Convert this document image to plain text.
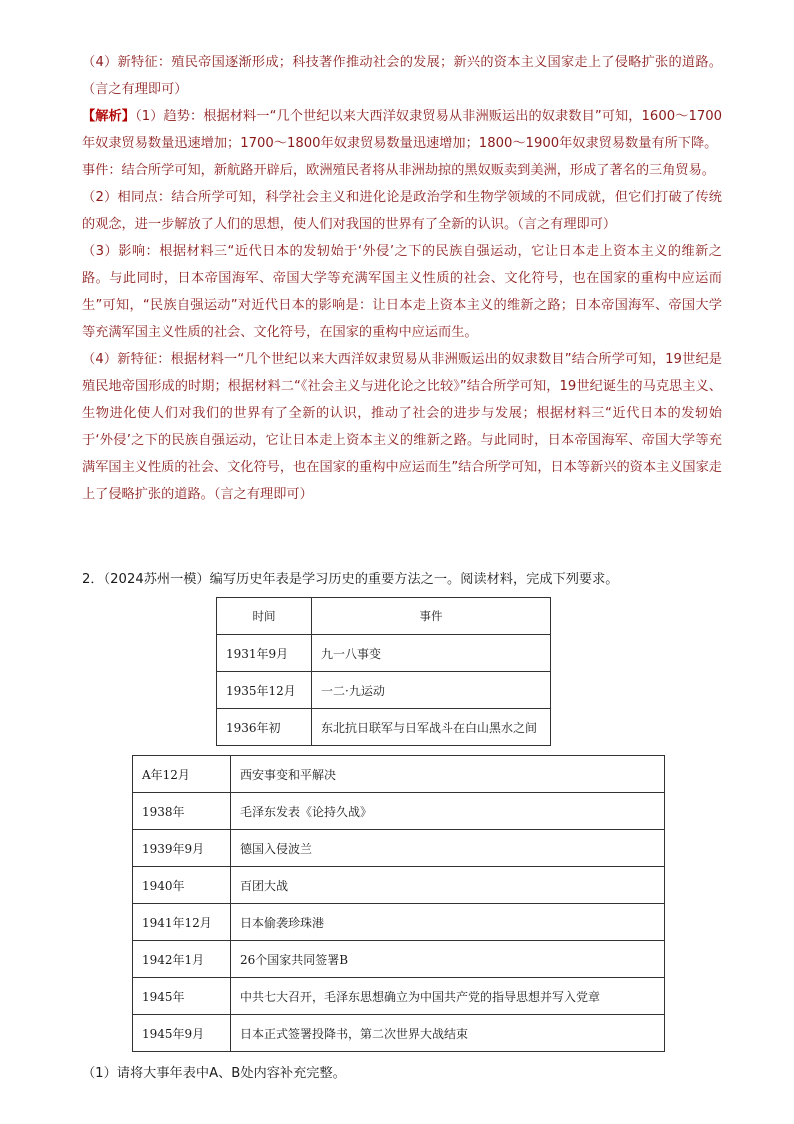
（4）新特征：殖民帝国逐渐形成；科技著作推动社会的发展；新兴的资本主义国家走上了侵略扩张的道路。（言之有理即可）

【解析】（1）趋势：根据材料一“几个世纪以来大西洋奴隶贸易从非洲贩运出的奴隶数目”可知，1600～1700年奴隶贸易数量迅速增加；1700～1800年奴隶贸易数量迅速增加；1800～1900年奴隶贸易数量有所下降。

事件：结合所学可知，新航路开辟后，欧洲殖民者将从非洲劫掠的黑奴贩卖到美洲，形成了著名的三角贸易。

（2）相同点：结合所学可知，科学社会主义和进化论是政治学和生物学领域的不同成就，但它们打破了传统的观念，进一步解放了人们的思想，使人们对我国的世界有了全新的认识。（言之有理即可）

（3）影响：根据材料三“近代日本的发轫始于‘外侵’之下的民族自强运动，它让日本走上资本主义的维新之路。与此同时，日本帝国海军、帝国大学等充满军国主义性质的社会、文化符号，也在国家的重构中应运而生”可知，“民族自强运动”对近代日本的影响是：让日本走上资本主义的维新之路；日本帝国海军、帝国大学等充满军国主义性质的社会、文化符号，在国家的重构中应运而生。

（4）新特征：根据材料一“几个世纪以来大西洋奴隶贸易从非洲贩运出的奴隶数目”结合所学可知，19世纪是殖民地帝国形成的时期；根据材料二“《社会主义与进化论之比较》”结合所学可知，19世纪诞生的马克思主义、生物进化使人们对我们的世界有了全新的认识，推动了社会的进步与发展；根据材料三“近代日本的发轫始于‘外侵’之下的民族自强运动，它让日本走上资本主义的维新之路。与此同时，日本帝国海军、帝国大学等充满军国主义性质的社会、文化符号，也在国家的重构中应运而生”结合所学可知，日本等新兴的资本主义国家走上了侵略扩张的道路。（言之有理即可）

2．（2024苏州一模）编写历史年表是学习历史的重要方法之一。阅读材料，完成下列要求。
时间	事件
1931年9月	九一八事变
1935年12月	一二·九运动
1936年初	东北抗日联军与日军战斗在白山黑水之间
A年12月	西安事变和平解决
1938年	毛泽东发表《论持久战》
1939年9月	德国入侵波兰
1940年	百团大战
1941年12月	日本偷袭珍珠港
1942年1月	26个国家共同签署B
1945年	中共七大召开，毛泽东思想确立为中国共产党的指导思想并写入党章
1945年9月	日本正式签署投降书，第二次世界大战结束
（1）请将大事年表中A、B处内容补充完整。
